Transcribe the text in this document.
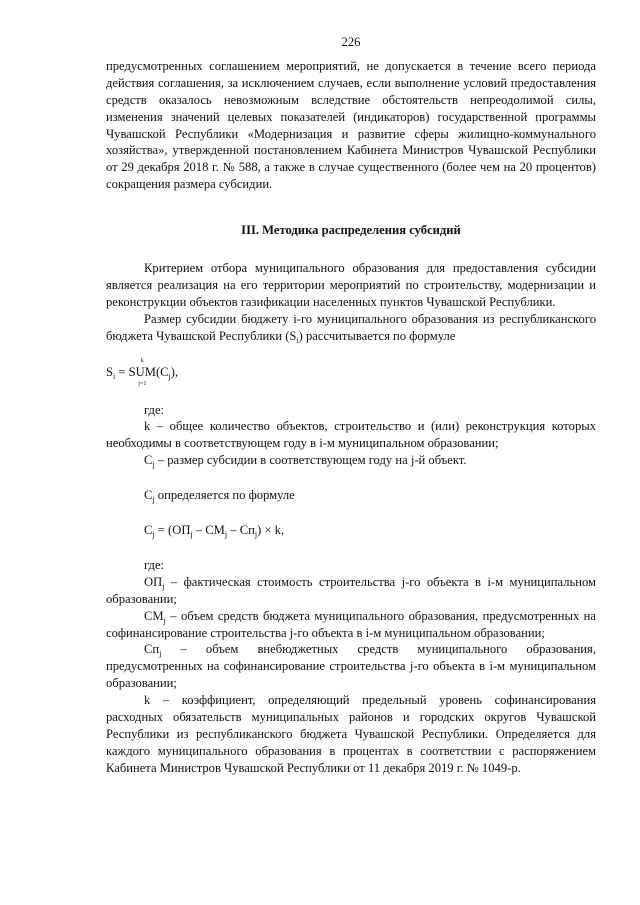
226

предусмотренных соглашением мероприятий, не допускается в течение всего периода действия соглашения, за исключением случаев, если выполнение условий предоставления средств оказалось невозможным вследствие обстоятельств непреодолимой силы, изменения значений целевых показателей (индикаторов) государственной программы Чувашской Республики «Модернизация и развитие сферы жилищно-коммунального хозяйства», утвержденной постановлением Кабинета Министров Чувашской Республики от 29 декабря 2018 г. № 588, а также в случае существенного (более чем на 20 процентов) сокращения размера субсидии.

III. Методика распределения субсидий

Критерием отбора муниципального образования для предоставления субсидии является реализация на его территории мероприятий по строительству, модернизации и реконструкции объектов газификации населенных пунктов Чувашской Республики.

Размер субсидии бюджету i-го муниципального образования из республиканского бюджета Чувашской Республики $(S_i)$ рассчитывается по формуле

$S_i$ =
k
SUM
j=1
$(C_j)$,

где:

k – общее количество объектов, строительство и (или) реконструкция которых необходимы в соответствующем году в i-м муниципальном образовании;

$C_j$ – размер субсидии в соответствующем году на j-й объект.

$C_j$ определяется по формуле

$C_j = (ОП_j - СМ_j - Сп_j) \times k$,

где:

$ОП_j$ – фактическая стоимость строительства j-го объекта в i-м муниципальном образовании;

$СМ_j$ – объем средств бюджета муниципального образования, предусмотренных на софинансирование строительства j-го объекта в i-м муниципальном образовании;

$Сп_j$ – объем внебюджетных средств муниципального образования, предусмотренных на софинансирование строительства j-го объекта в i-м муниципальном образовании;

k – коэффициент, определяющий предельный уровень софинансирования расходных обязательств муниципальных районов и городских округов Чувашской Республики из республиканского бюджета Чувашской Республики. Определяется для каждого муниципального образования в процентах в соответствии с распоряжением Кабинета Министров Чувашской Республики от 11 декабря 2019 г. № 1049-р.
